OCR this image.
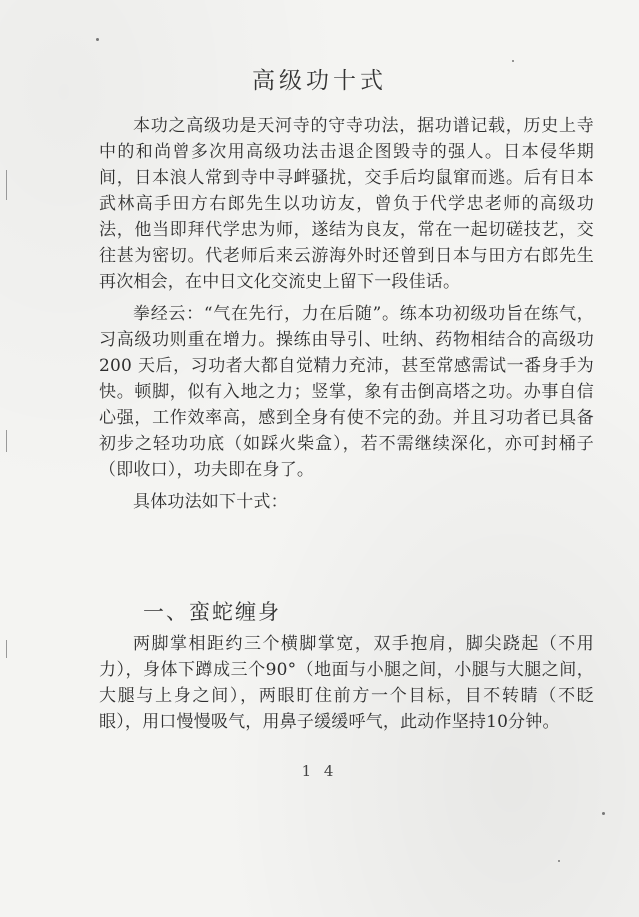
高级功十式

本功之高级功是天河寺的守寺功法，据功谱记载，历史上寺中的和尚曾多次用高级功法击退企图毁寺的强人。日本侵华期间，日本浪人常到寺中寻衅骚扰，交手后均鼠窜而逃。后有日本武林高手田方右郎先生以功访友，曾负于代学忠老师的高级功法，他当即拜代学忠为师，遂结为良友，常在一起切磋技艺，交往甚为密切。代老师后来云游海外时还曾到日本与田方右郎先生再次相会，在中日文化交流史上留下一段佳话。

拳经云：“气在先行，力在后随”。练本功初级功旨在练气，习高级功则重在增力。操练由导引、吐纳、药物相结合的高级功 200 天后，习功者大都自觉精力充沛，甚至常感需试一番身手为快。顿脚，似有入地之力；竖掌，象有击倒高塔之功。办事自信心强，工作效率高，感到全身有使不完的劲。并且习功者已具备初步之轻功功底（如踩火柴盒），若不需继续深化，亦可封桶子（即收口），功夫即在身了。

具体功法如下十式：

一、蛮蛇缠身

两脚掌相距约三个横脚掌宽，双手抱肩，脚尖跷起（不用力），身体下蹲成三个90°（地面与小腿之间，小腿与大腿之间，大腿与上身之间），两眼盯住前方一个目标，目不转睛（不眨眼），用口慢慢吸气，用鼻子缓缓呼气，此动作坚持10分钟。

1 4
